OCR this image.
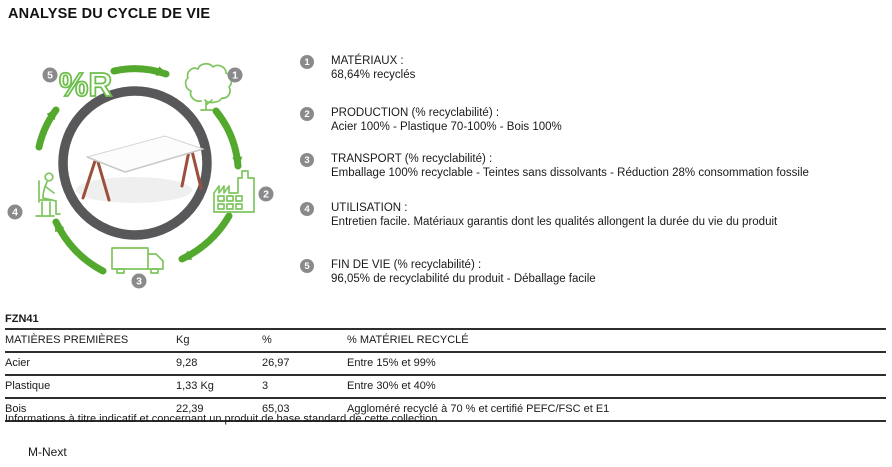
ANALYSE DU CYCLE DE VIE
%R	1
2
3
4
5
1	MATÉRIAUX :
68,64% recyclés
2	PRODUCTION (% recyclabilité) :
Acier 100% - Plastique 70-100% - Bois 100%
3	TRANSPORT (% recyclabilité) :
Emballage 100% recyclable - Teintes sans dissolvants - Réduction 28% consommation fossile
4	UTILISATION :
Entretien facile. Matériaux garantis dont les qualités allongent la durée du vie du produit
5	FIN DE VIE (% recyclabilité) :
96,05% de recyclabilité du produit - Déballage facile
FZN41
MATIÈRES PREMIÈRES	Kg	%	% MATÉRIEL RECYCLÉ
Acier	9,28	26,97	Entre 15% et 99%
Plastique	1,33 Kg	3	Entre 30% et 40%
Bois	22,39	65,03	Aggloméré recyclé à 70 % et certifié PEFC/FSC et E1
Informations à titre indicatif et concernant un produit de base standard de cette collection.
M-Next
